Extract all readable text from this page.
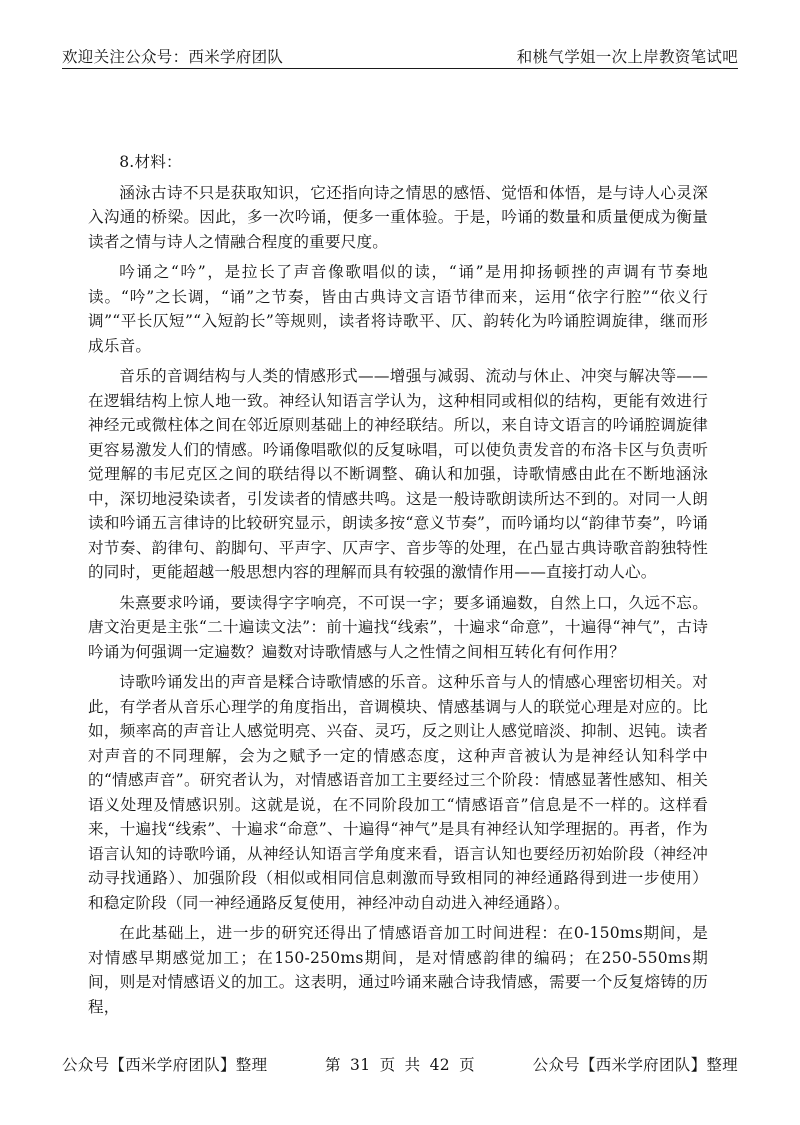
欢迎关注公众号：西米学府团队	和桃气学姐一次上岸教资笔试吧

8.材料：

涵泳古诗不只是获取知识，它还指向诗之情思的感悟、觉悟和体悟，是与诗人心灵深入沟通的桥梁。因此，多一次吟诵，便多一重体验。于是，吟诵的数量和质量便成为衡量读者之情与诗人之情融合程度的重要尺度。

吟诵之“吟”，是拉长了声音像歌唱似的读，“诵”是用抑扬顿挫的声调有节奏地读。“吟”之长调，“诵”之节奏，皆由古典诗文言语节律而来，运用“依字行腔”“依义行调”“平长仄短”“入短韵长”等规则，读者将诗歌平、仄、韵转化为吟诵腔调旋律，继而形成乐音。

音乐的音调结构与人类的情感形式——增强与减弱、流动与休止、冲突与解决等——在逻辑结构上惊人地一致。神经认知语言学认为，这种相同或相似的结构，更能有效进行神经元或微柱体之间在邻近原则基础上的神经联结。所以，来自诗文语言的吟诵腔调旋律更容易激发人们的情感。吟诵像唱歌似的反复咏唱，可以使负责发音的布洛卡区与负责听觉理解的韦尼克区之间的联结得以不断调整、确认和加强，诗歌情感由此在不断地涵泳中，深切地浸染读者，引发读者的情感共鸣。这是一般诗歌朗读所达不到的。对同一人朗读和吟诵五言律诗的比较研究显示，朗读多按“意义节奏”，而吟诵均以“韵律节奏”，吟诵对节奏、韵律句、韵脚句、平声字、仄声字、音步等的处理，在凸显古典诗歌音韵独特性的同时，更能超越一般思想内容的理解而具有较强的激情作用——直接打动人心。

朱熹要求吟诵，要读得字字响亮，不可误一字；要多诵遍数，自然上口，久远不忘。唐文治更是主张“二十遍读文法”：前十遍找“线索”，十遍求“命意”，十遍得“神气”，古诗吟诵为何强调一定遍数？遍数对诗歌情感与人之性情之间相互转化有何作用？

诗歌吟诵发出的声音是糅合诗歌情感的乐音。这种乐音与人的情感心理密切相关。对此，有学者从音乐心理学的角度指出，音调模块、情感基调与人的联觉心理是对应的。比如，频率高的声音让人感觉明亮、兴奋、灵巧，反之则让人感觉暗淡、抑制、迟钝。读者对声音的不同理解，会为之赋予一定的情感态度，这种声音被认为是神经认知科学中的“情感声音”。研究者认为，对情感语音加工主要经过三个阶段：情感显著性感知、相关语义处理及情感识别。这就是说，在不同阶段加工“情感语音”信息是不一样的。这样看来，十遍找“线索”、十遍求“命意”、十遍得“神气”是具有神经认知学理据的。再者，作为语言认知的诗歌吟诵，从神经认知语言学角度来看，语言认知也要经历初始阶段（神经冲动寻找通路）、加强阶段（相似或相同信息刺激而导致相同的神经通路得到进一步使用）和稳定阶段（同一神经通路反复使用，神经冲动自动进入神经通路）。

在此基础上，进一步的研究还得出了情感语音加工时间进程：在0-150ms期间，是对情感早期感觉加工；在150-250ms期间，是对情感韵律的编码；在250-550ms期间，则是对情感语义的加工。这表明，通过吟诵来融合诗我情感，需要一个反复熔铸的历程，

公众号【西米学府团队】整理	第 31 页 共 42 页	公众号【西米学府团队】整理
